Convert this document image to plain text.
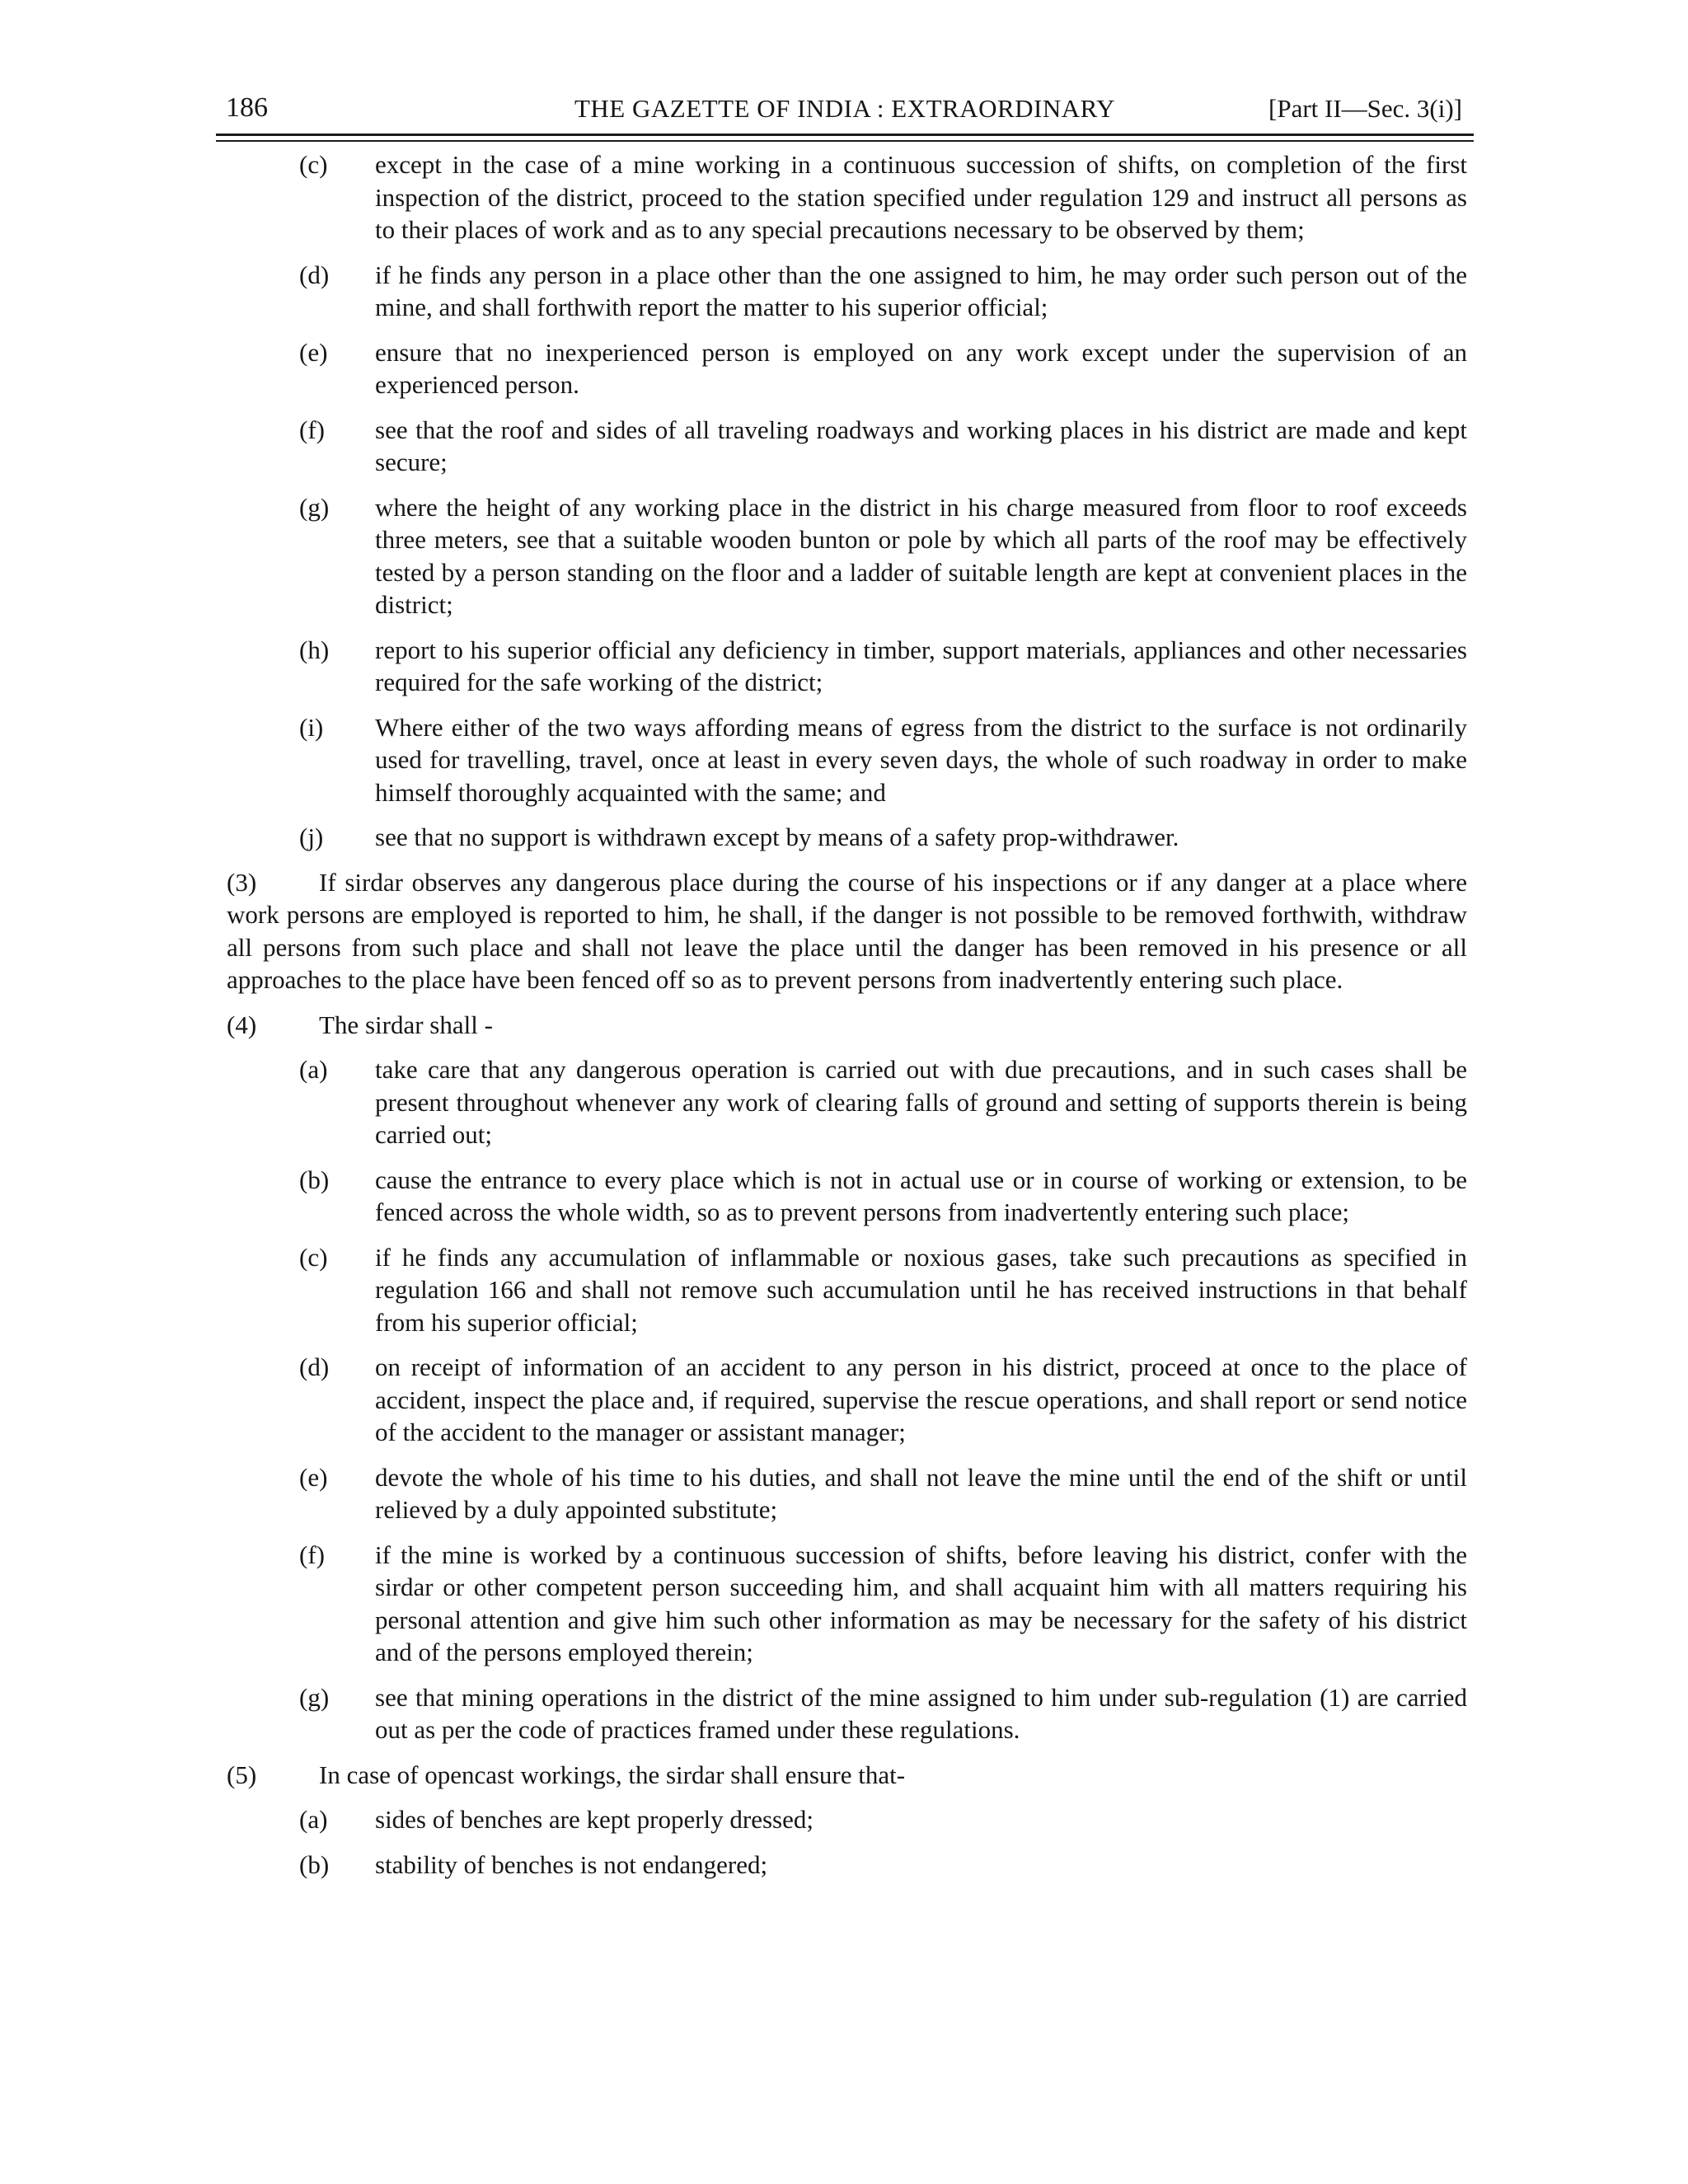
186	THE GAZETTE OF INDIA : EXTRAORDINARY	[Part II—Sec. 3(i)]
(c) except in the case of a mine working in a continuous succession of shifts, on completion of the first inspection of the district, proceed to the station specified under regulation 129 and instruct all persons as to their places of work and as to any special precautions necessary to be observed by them;
(d) if he finds any person in a place other than the one assigned to him, he may order such person out of the mine, and shall forthwith report the matter to his superior official;
(e) ensure that no inexperienced person is employed on any work except under the supervision of an experienced person.
(f) see that the roof and sides of all traveling roadways and working places in his district are made and kept secure;
(g) where the height of any working place in the district in his charge measured from floor to roof exceeds three meters, see that a suitable wooden bunton or pole by which all parts of the roof may be effectively tested by a person standing on the floor and a ladder of suitable length are kept at convenient places in the district;
(h) report to his superior official any deficiency in timber, support materials, appliances and other necessaries required for the safe working of the district;
(i) Where either of the two ways affording means of egress from the district to the surface is not ordinarily used for travelling, travel, once at least in every seven days, the whole of such roadway in order to make himself thoroughly acquainted with the same; and
(j) see that no support is withdrawn except by means of a safety prop-withdrawer.
(3) If sirdar observes any dangerous place during the course of his inspections or if any danger at a place where work persons are employed is reported to him, he shall, if the danger is not possible to be removed forthwith, withdraw all persons from such place and shall not leave the place until the danger has been removed in his presence or all approaches to the place have been fenced off so as to prevent persons from inadvertently entering such place.
(4) The sirdar shall -
(a) take care that any dangerous operation is carried out with due precautions, and in such cases shall be present throughout whenever any work of clearing falls of ground and setting of supports therein is being carried out;
(b) cause the entrance to every place which is not in actual use or in course of working or extension, to be fenced across the whole width, so as to prevent persons from inadvertently entering such place;
(c) if he finds any accumulation of inflammable or noxious gases, take such precautions as specified in regulation 166 and shall not remove such accumulation until he has received instructions in that behalf from his superior official;
(d) on receipt of information of an accident to any person in his district, proceed at once to the place of accident, inspect the place and, if required, supervise the rescue operations, and shall report or send notice of the accident to the manager or assistant manager;
(e) devote the whole of his time to his duties, and shall not leave the mine until the end of the shift or until relieved by a duly appointed substitute;
(f) if the mine is worked by a continuous succession of shifts, before leaving his district, confer with the sirdar or other competent person succeeding him, and shall acquaint him with all matters requiring his personal attention and give him such other information as may be necessary for the safety of his district and of the persons employed therein;
(g) see that mining operations in the district of the mine assigned to him under sub-regulation (1) are carried out as per the code of practices framed under these regulations.
(5) In case of opencast workings, the sirdar shall ensure that-
(a) sides of benches are kept properly dressed;
(b) stability of benches is not endangered;
